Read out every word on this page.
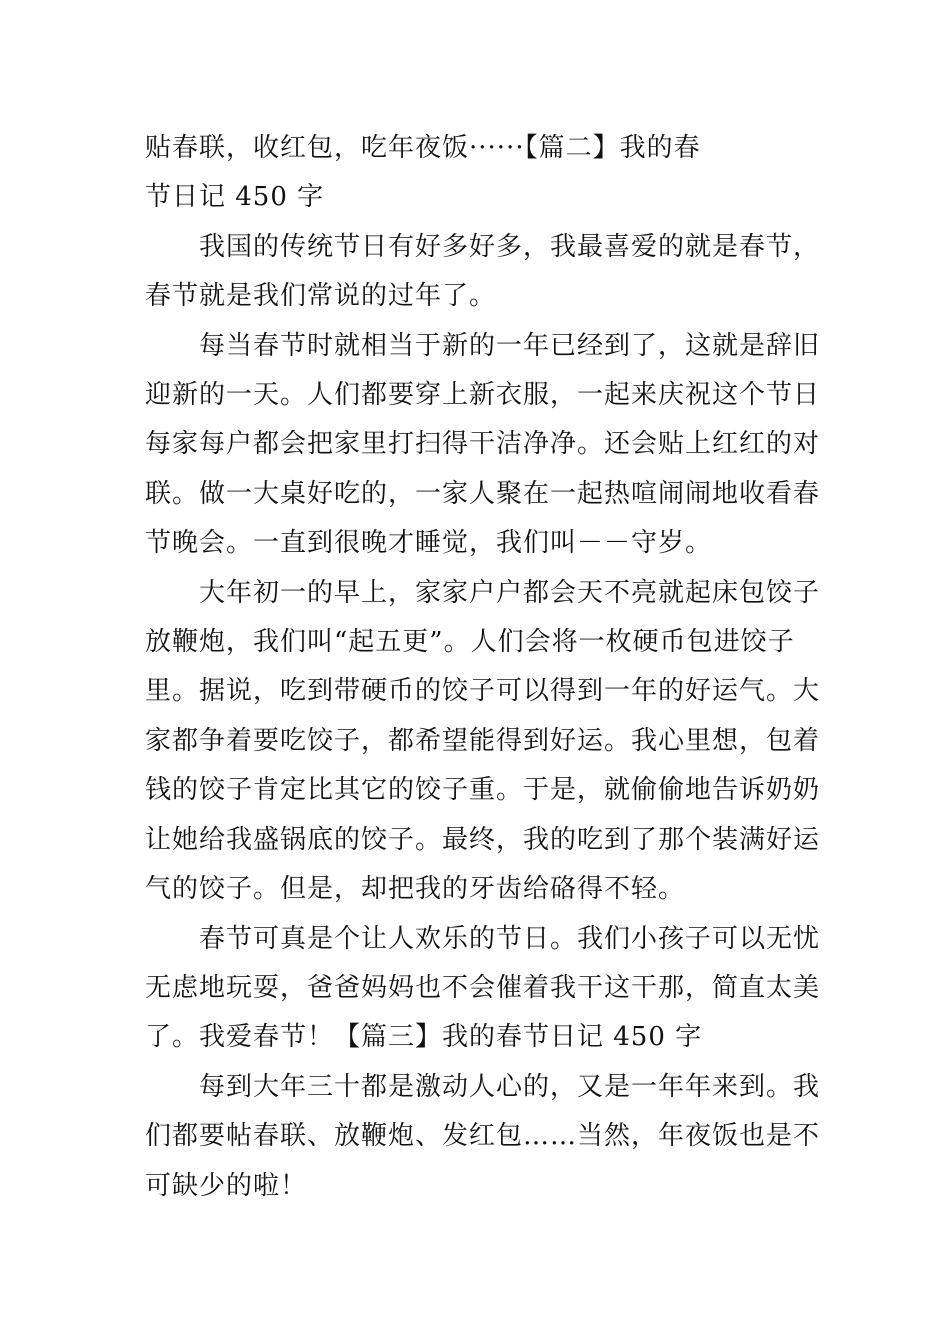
贴春联，收红包，吃年夜饭······【篇二】我的春
节日记 450 字

我国的传统节日有好多好多，我最喜爱的就是春节，
春节就是我们常说的过年了。

每当春节时就相当于新的一年已经到了，这就是辞旧
迎新的一天。人们都要穿上新衣服，一起来庆祝这个节日
每家每户都会把家里打扫得干洁净净。还会贴上红红的对
联。做一大桌好吃的，一家人聚在一起热喧闹闹地收看春
节晚会。一直到很晚才睡觉，我们叫－－守岁。

大年初一的早上，家家户户都会天不亮就起床包饺子
放鞭炮，我们叫“起五更”。人们会将一枚硬币包进饺子
里。据说，吃到带硬币的饺子可以得到一年的好运气。大
家都争着要吃饺子，都希望能得到好运。我心里想，包着
钱的饺子肯定比其它的饺子重。于是，就偷偷地告诉奶奶
让她给我盛锅底的饺子。最终，我的吃到了那个装满好运
气的饺子。但是，却把我的牙齿给硌得不轻。

春节可真是个让人欢乐的节日。我们小孩子可以无忧
无虑地玩耍，爸爸妈妈也不会催着我干这干那，简直太美
了。我爱春节！【篇三】我的春节日记 450 字

每到大年三十都是激动人心的，又是一年年来到。我
们都要帖春联、放鞭炮、发红包……当然，年夜饭也是不
可缺少的啦！
